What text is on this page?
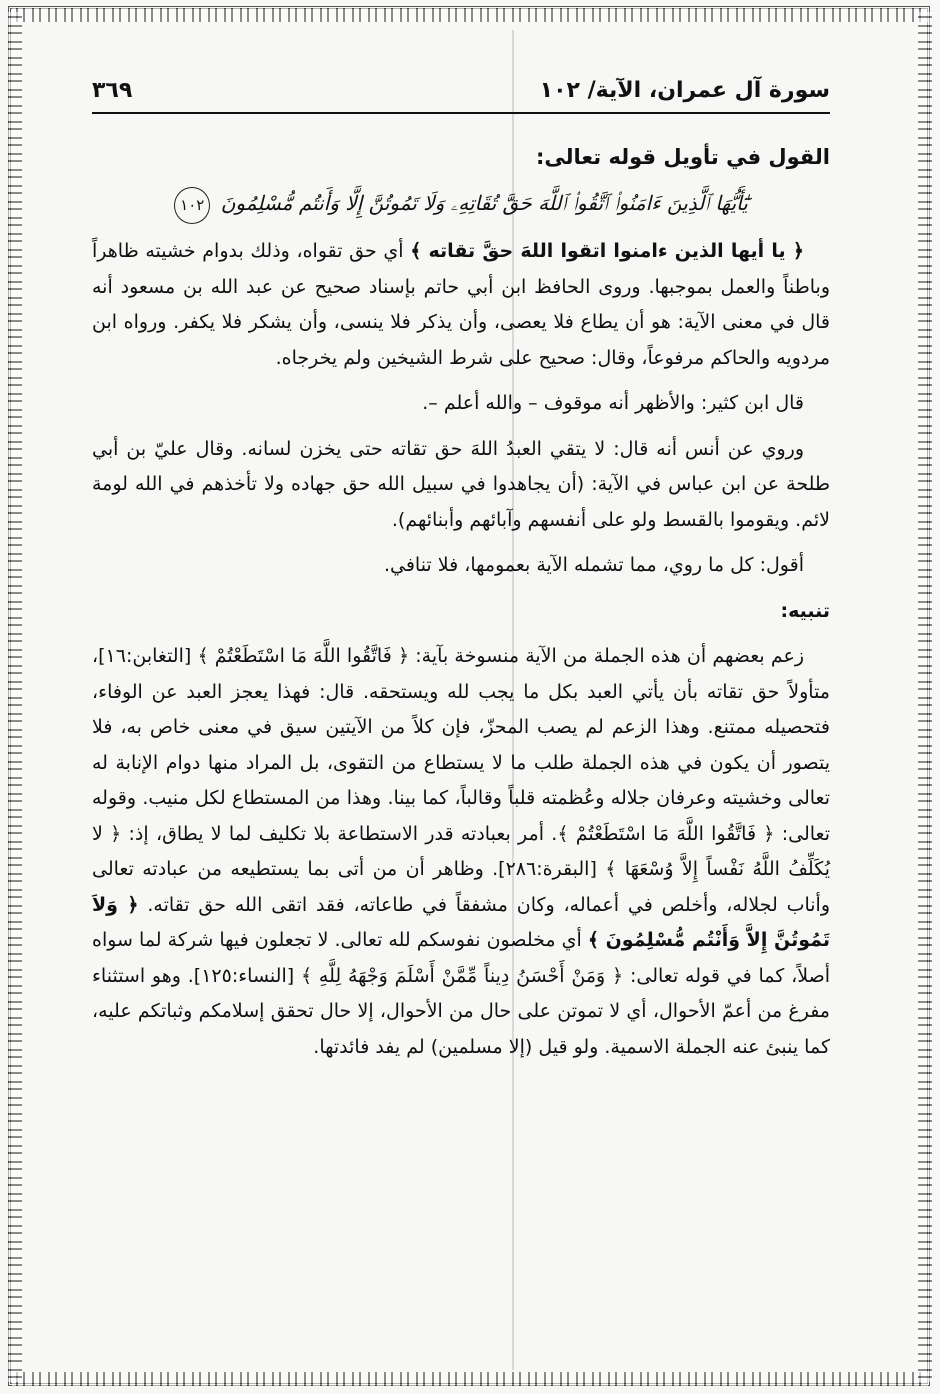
سورة آل عمران، الآية/ ١٠٢
٣٦٩

القول في تأويل قوله تعالى:

يَٰٓأَيُّهَا ٱلَّذِينَ ءَامَنُوا۟ ٱتَّقُوا۟ ٱللَّهَ حَقَّ تُقَاتِهِۦ وَلَا تَمُوتُنَّ إِلَّا وَأَنتُم مُّسْلِمُونَ ١٠٢

﴿ يا أيها الذين ءامنوا اتقوا اللهَ حقَّ تقاته ﴾ أي حق تقواه، وذلك بدوام خشيته ظاهراً وباطناً والعمل بموجبها. وروى الحافظ ابن أبي حاتم بإسناد صحيح عن عبد الله بن مسعود أنه قال في معنى الآية: هو أن يطاع فلا يعصى، وأن يذكر فلا ينسى، وأن يشكر فلا يكفر. ورواه ابن مردويه والحاكم مرفوعاً، وقال: صحيح على شرط الشيخين ولم يخرجاه.

قال ابن كثير: والأظهر أنه موقوف – والله أعلم –.

وروي عن أنس أنه قال: لا يتقي العبدُ اللهَ حق تقاته حتى يخزن لسانه. وقال عليّ بن أبي طلحة عن ابن عباس في الآية: (أن يجاهدوا في سبيل الله حق جهاده ولا تأخذهم في الله لومة لائم. ويقوموا بالقسط ولو على أنفسهم وآبائهم وأبنائهم).

أقول: كل ما روي، مما تشمله الآية بعمومها، فلا تنافي.

تنبيه:

زعم بعضهم أن هذه الجملة من الآية منسوخة بآية: ﴿ فَاتَّقُوا اللَّهَ مَا اسْتَطَعْتُمْ ﴾ [التغابن:١٦]، متأولاً حق تقاته بأن يأتي العبد بكل ما يجب لله ويستحقه. قال: فهذا يعجز العبد عن الوفاء، فتحصيله ممتنع. وهذا الزعم لم يصب المحزّ، فإن كلاً من الآيتين سيق في معنى خاص به، فلا يتصور أن يكون في هذه الجملة طلب ما لا يستطاع من التقوى، بل المراد منها دوام الإنابة له تعالى وخشيته وعرفان جلاله وعُظمته قلباً وقالباً، كما بينا. وهذا من المستطاع لكل منيب. وقوله تعالى: ﴿ فَاتَّقُوا اللَّهَ مَا اسْتَطَعْتُمْ ﴾. أمر بعبادته قدر الاستطاعة بلا تكليف لما لا يطاق، إذ: ﴿ لا يُكَلِّفُ اللَّهُ نَفْساً إِلاَّ وُسْعَهَا ﴾ [البقرة:٢٨٦]. وظاهر أن من أتى بما يستطيعه من عبادته تعالى وأناب لجلاله، وأخلص في أعماله، وكان مشفقاً في طاعاته، فقد اتقى الله حق تقاته. ﴿ وَلاَ تَمُوتُنَّ إِلاَّ وَأَنْتُم مُّسْلِمُونَ ﴾ أي مخلصون نفوسكم لله تعالى. لا تجعلون فيها شركة لما سواه أصلاً، كما في قوله تعالى: ﴿ وَمَنْ أَحْسَنُ دِيناً مِّمَّنْ أَسْلَمَ وَجْهَهُ لِلَّهِ ﴾ [النساء:١٢٥]. وهو استثناء مفرغ من أعمّ الأحوال، أي لا تموتن على حال من الأحوال، إلا حال تحقق إسلامكم وثباتكم عليه، كما ينبئ عنه الجملة الاسمية. ولو قيل (إلا مسلمين) لم يفد فائدتها.
